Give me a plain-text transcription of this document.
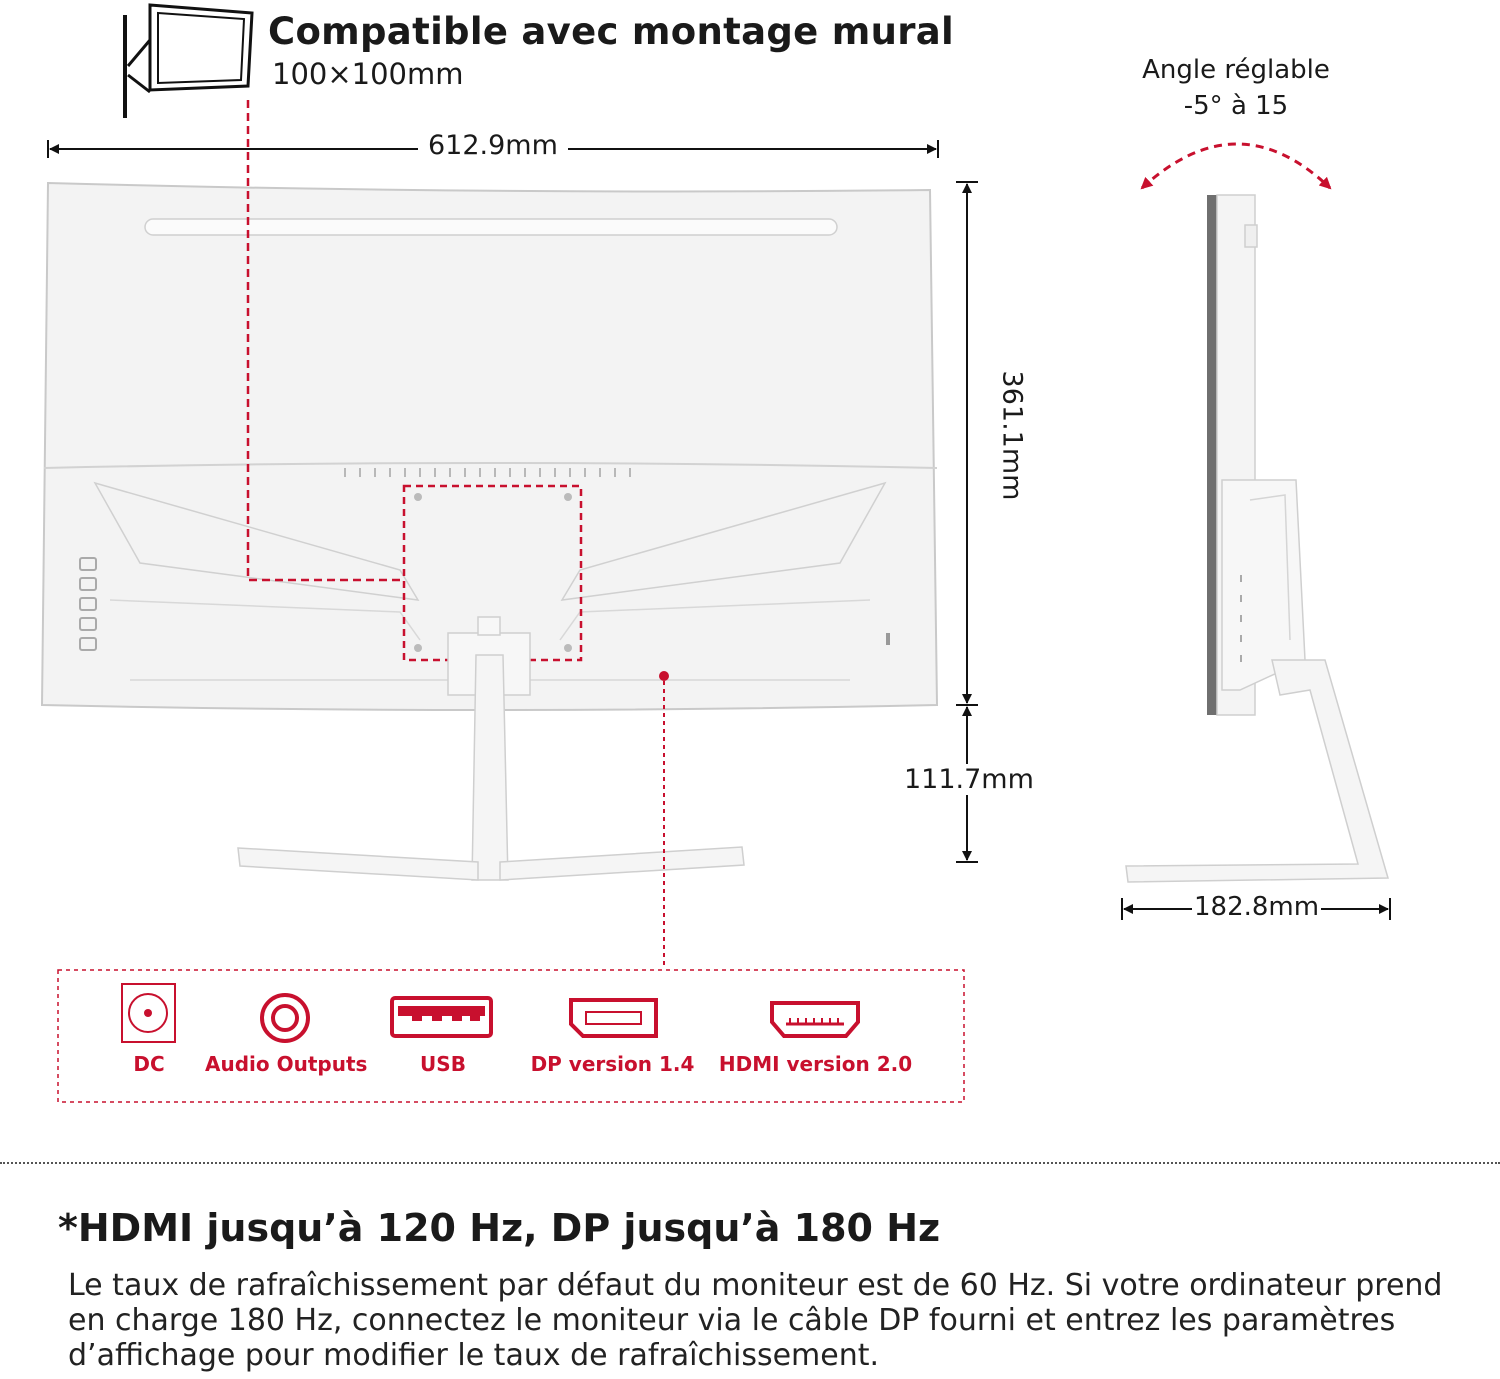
Compatible avec montage mural
100×100mm	Angle réglable
-5° à 15
612.9mm
361.1mm
111.7mm
182.8mm
DC	Audio Outputs	USB	DP version 1.4 HDMI version 2.0
*HDMI jusqu’à 120 Hz, DP jusqu’à 180 Hz
Le taux de rafraîchissement par défaut du moniteur est de 60 Hz. Si votre ordinateur prend en charge 180 Hz, connectez le moniteur via le câble DP fourni et entrez les paramètres d’affichage pour modifier le taux de rafraîchissement.
